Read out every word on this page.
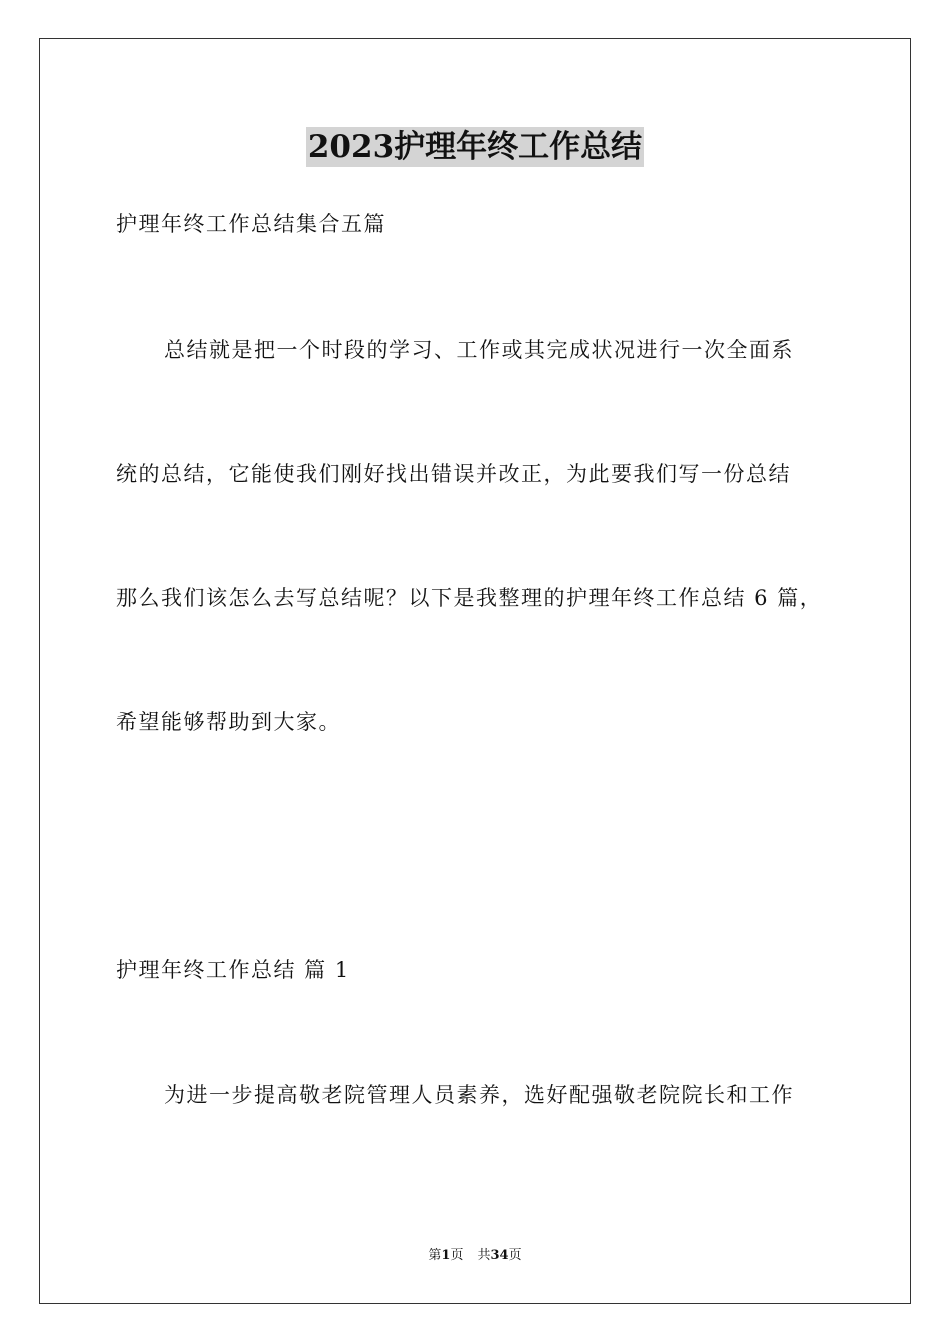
2023护理年终工作总结
护理年终工作总结集合五篇
总结就是把一个时段的学习、工作或其完成状况进行一次全面系
统的总结，它能使我们刚好找出错误并改正，为此要我们写一份总结
那么我们该怎么去写总结呢？以下是我整理的护理年终工作总结 6 篇，
希望能够帮助到大家。
护理年终工作总结 篇 1
为进一步提高敬老院管理人员素养，选好配强敬老院院长和工作
第1页 共34页
